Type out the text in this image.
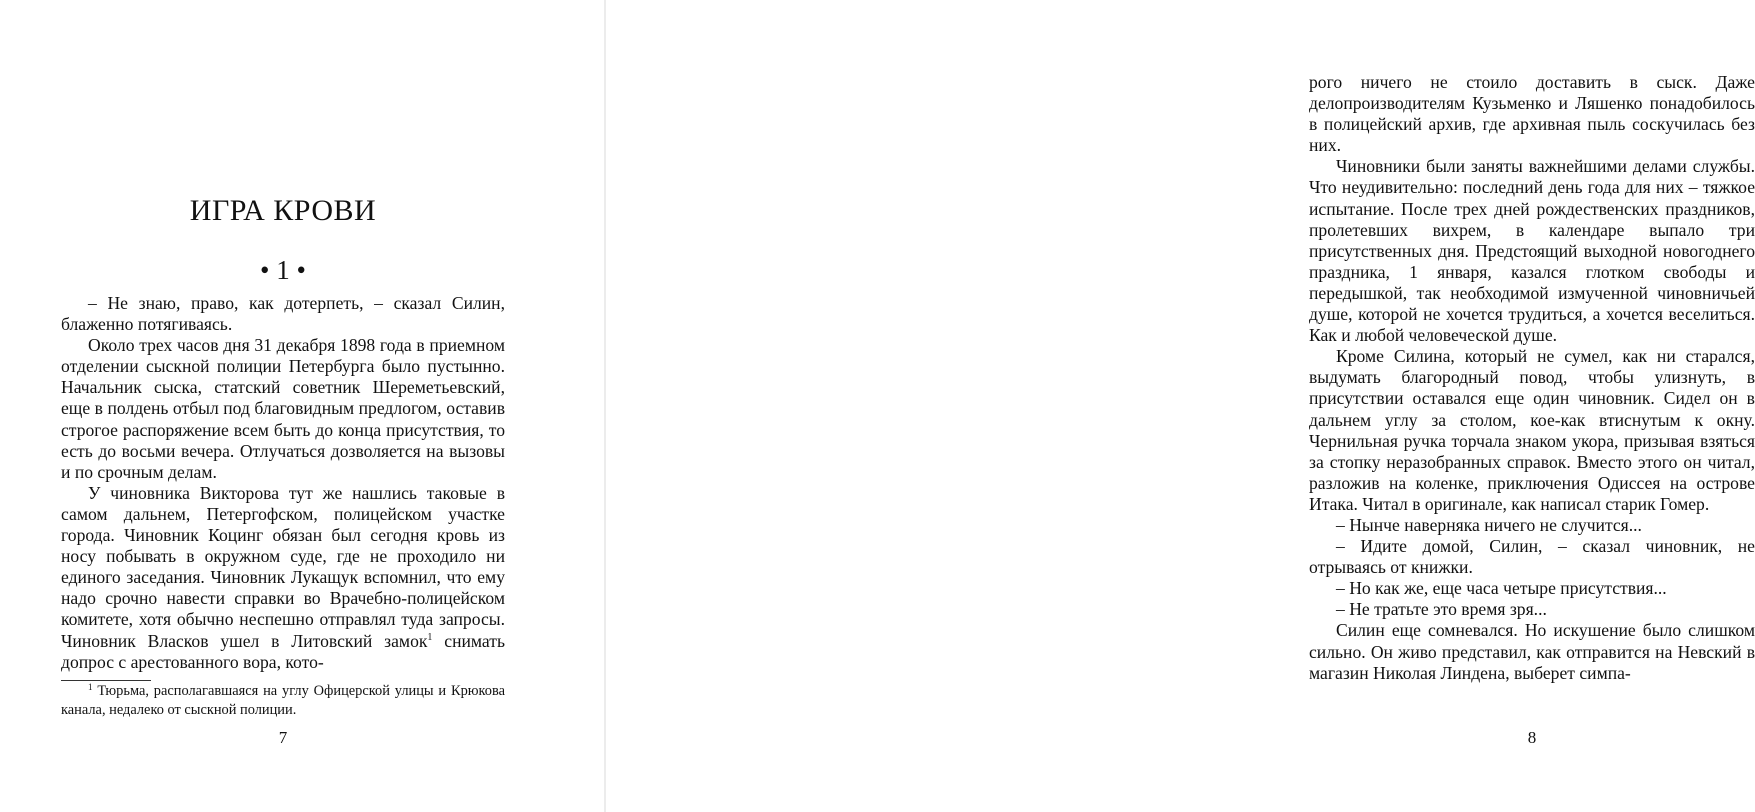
ИГРА КРОВИ
• 1 •

– Не знаю, право, как дотерпеть, – сказал Силин, блаженно потягиваясь.

Около трех часов дня 31 декабря 1898 года в приемном отделении сыскной полиции Петербурга было пустынно. Начальник сыска, статский советник Шереметьевский, еще в полдень отбыл под благовидным предлогом, оставив строгое распоряжение всем быть до конца присутствия, то есть до восьми вечера. Отлучаться дозволяется на вызовы и по срочным делам.

У чиновника Викторова тут же нашлись таковые в самом дальнем, Петергофском, полицейском участке города. Чиновник Коцинг обязан был сегодня кровь из носу побывать в окружном суде, где не проходило ни единого заседания. Чиновник Лукащук вспомнил, что ему надо срочно навести справки во Врачебно-полицейском комитете, хотя обычно неспешно отправлял туда запросы. Чиновник Власков ушел в Литовский замок$^1$ снимать допрос с арестованного вора, кото-

$^1$ Тюрьма, располагавшаяся на углу Офицерской улицы и Крюкова канала, недалеко от сыскной полиции.

7

рого ничего не стоило доставить в сыск. Даже делопроизводителям Кузьменко и Ляшенко понадобилось в полицейский архив, где архивная пыль соскучилась без них.

Чиновники были заняты важнейшими делами службы. Что неудивительно: последний день года для них – тяжкое испытание. После трех дней рождественских праздников, пролетевших вихрем, в календаре выпало три присутственных дня. Предстоящий выходной новогоднего праздника, 1 января, казался глотком свободы и передышкой, так необходимой измученной чиновничьей душе, которой не хочется трудиться, а хочется веселиться. Как и любой человеческой душе.

Кроме Силина, который не сумел, как ни старался, выдумать благородный повод, чтобы улизнуть, в присутствии оставался еще один чиновник. Сидел он в дальнем углу за столом, кое-как втиснутым к окну. Чернильная ручка торчала знаком укора, призывая взяться за стопку неразобранных справок. Вместо этого он читал, разложив на коленке, приключения Одиссея на острове Итака. Читал в оригинале, как написал старик Гомер.

– Нынче наверняка ничего не случится...

– Идите домой, Силин, – сказал чиновник, не отрываясь от книжки.

– Но как же, еще часа четыре присутствия...

– Не тратьте это время зря...

Силин еще сомневался. Но искушение было слишком сильно. Он живо представил, как отправится на Невский в магазин Николая Линдена, выберет симпа-

8
